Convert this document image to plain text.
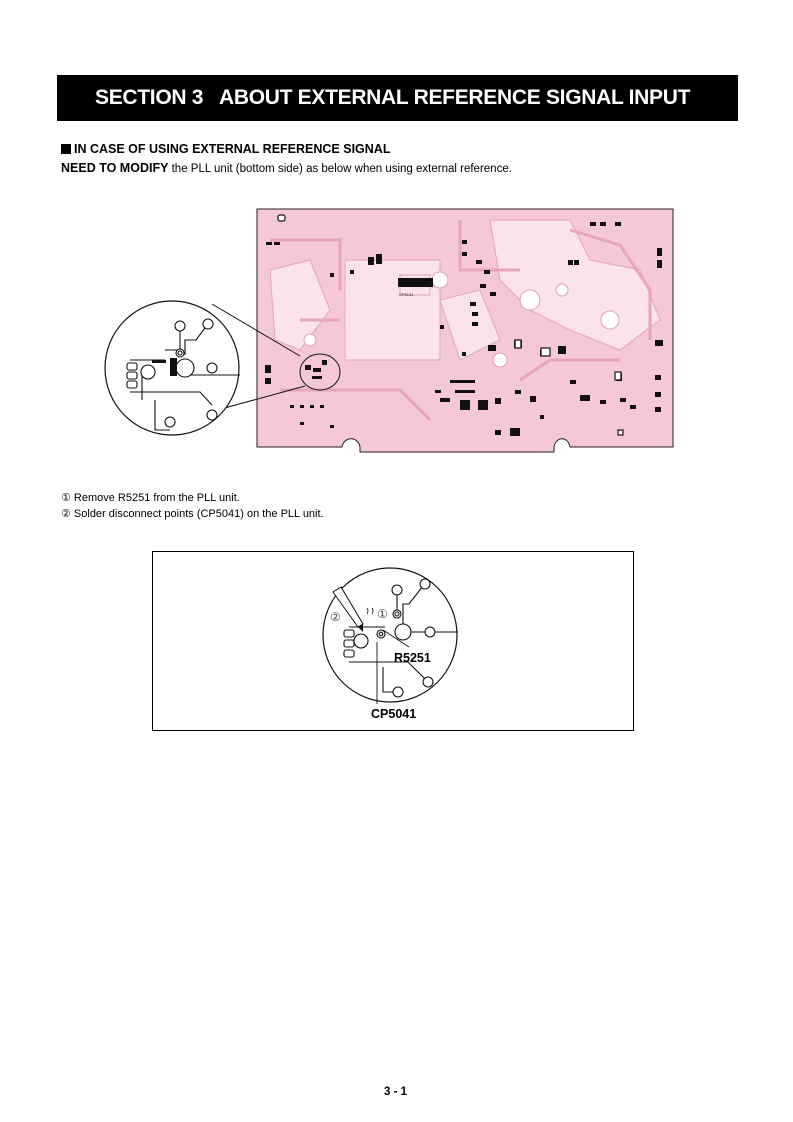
SECTION 3   ABOUT EXTERNAL REFERENCE SIGNAL INPUT
IN CASE OF USING EXTERNAL REFERENCE SIGNAL
NEED TO MODIFY the PLL unit (bottom side) as below when using external reference.
CP5131
① Remove R5251 from the PLL unit.
② Solder disconnect points (CP5041) on the PLL unit.
②	①
R5251
CP5041
3 - 1
